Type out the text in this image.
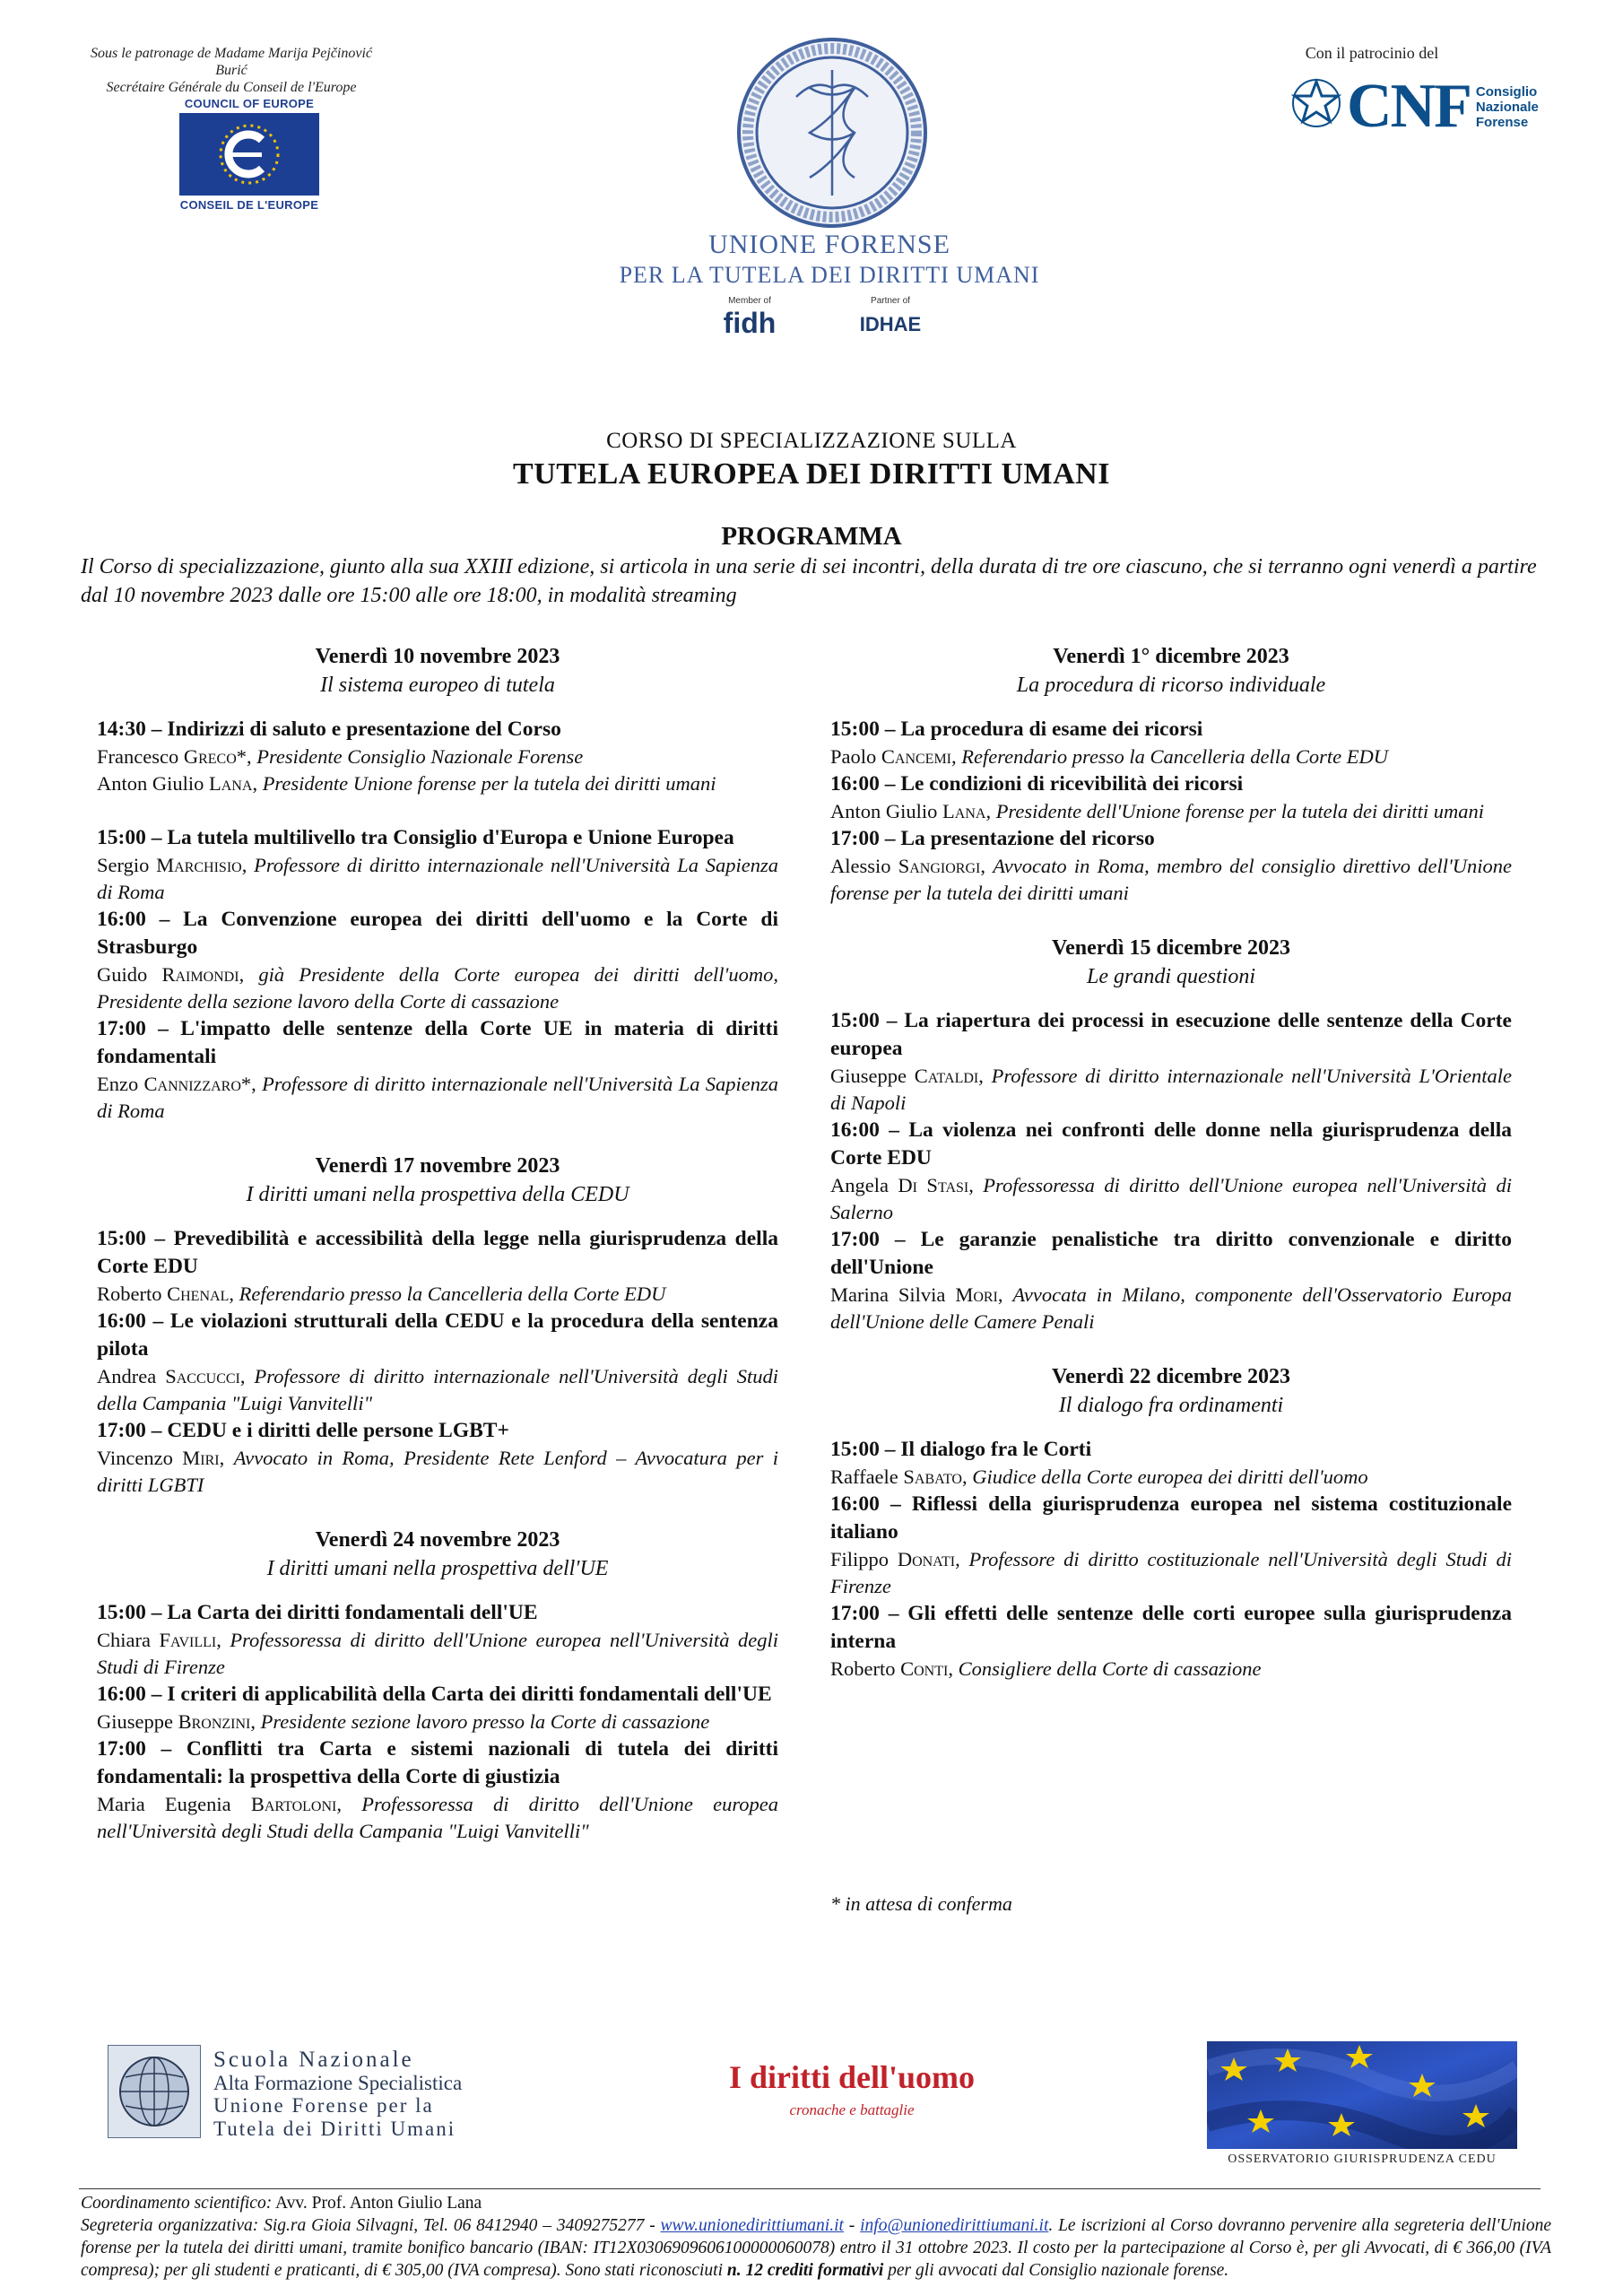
Sous le patronage de Madame Marija Pejčinović Burić
Secrétaire Générale du Conseil de l'Europe
COUNCIL OF EUROPE
CONSEIL DE L'EUROPE
UNIONE FORENSE
PER LA TUTELA DEI DIRITTI UMANI
Member of
fidh
Partner of
IDHAE
Con il patrocinio del
CNF Consiglio
Nazionale
Forense
CORSO DI SPECIALIZZAZIONE SULLA
TUTELA EUROPEA DEI DIRITTI UMANI
PROGRAMMA
Il Corso di specializzazione, giunto alla sua XXIII edizione, si articola in una serie di sei incontri, della durata di tre ore ciascuno, che si terranno ogni venerdì a partire dal 10 novembre 2023 dalle ore 15:00 alle ore 18:00, in modalità streaming
Venerdì 10 novembre 2023
Il sistema europeo di tutela
14:30 – Indirizzi di saluto e presentazione del Corso
Francesco Greco*, Presidente Consiglio Nazionale Forense
Anton Giulio Lana, Presidente Unione forense per la tutela dei diritti umani
15:00 – La tutela multilivello tra Consiglio d'Europa e Unione Europea
Sergio Marchisio, Professore di diritto internazionale nell'Università La Sapienza di Roma
16:00 – La Convenzione europea dei diritti dell'uomo e la Corte di Strasburgo
Guido Raimondi, già Presidente della Corte europea dei diritti dell'uomo, Presidente della sezione lavoro della Corte di cassazione
17:00 – L'impatto delle sentenze della Corte UE in materia di diritti fondamentali
Enzo Cannizzaro*, Professore di diritto internazionale nell'Università La Sapienza di Roma
Venerdì 17 novembre 2023
I diritti umani nella prospettiva della CEDU
15:00 – Prevedibilità e accessibilità della legge nella giurisprudenza della Corte EDU
Roberto Chenal, Referendario presso la Cancelleria della Corte EDU
16:00 – Le violazioni strutturali della CEDU e la procedura della sentenza pilota
Andrea Saccucci, Professore di diritto internazionale nell'Università degli Studi della Campania "Luigi Vanvitelli"
17:00 – CEDU e i diritti delle persone LGBT+
Vincenzo Miri, Avvocato in Roma, Presidente Rete Lenford – Avvocatura per i diritti LGBTI
Venerdì 24 novembre 2023
I diritti umani nella prospettiva dell'UE
15:00 – La Carta dei diritti fondamentali dell'UE
Chiara Favilli, Professoressa di diritto dell'Unione europea nell'Università degli Studi di Firenze
16:00 – I criteri di applicabilità della Carta dei diritti fondamentali dell'UE
Giuseppe Bronzini, Presidente sezione lavoro presso la Corte di cassazione
17:00 – Conflitti tra Carta e sistemi nazionali di tutela dei diritti fondamentali: la prospettiva della Corte di giustizia
Maria Eugenia Bartoloni, Professoressa di diritto dell'Unione europea nell'Università degli Studi della Campania "Luigi Vanvitelli"
Venerdì 1° dicembre 2023
La procedura di ricorso individuale
15:00 – La procedura di esame dei ricorsi
Paolo Cancemi, Referendario presso la Cancelleria della Corte EDU
16:00 – Le condizioni di ricevibilità dei ricorsi
Anton Giulio Lana, Presidente dell'Unione forense per la tutela dei diritti umani
17:00 – La presentazione del ricorso
Alessio Sangiorgi, Avvocato in Roma, membro del consiglio direttivo dell'Unione forense per la tutela dei diritti umani
Venerdì 15 dicembre 2023
Le grandi questioni
15:00 – La riapertura dei processi in esecuzione delle sentenze della Corte europea
Giuseppe Cataldi, Professore di diritto internazionale nell'Università L'Orientale di Napoli
16:00 – La violenza nei confronti delle donne nella giurisprudenza della Corte EDU
Angela Di Stasi, Professoressa di diritto dell'Unione europea nell'Università di Salerno
17:00 – Le garanzie penalistiche tra diritto convenzionale e diritto dell'Unione
Marina Silvia Mori, Avvocata in Milano, componente dell'Osservatorio Europa dell'Unione delle Camere Penali
Venerdì 22 dicembre 2023
Il dialogo fra ordinamenti
15:00 – Il dialogo fra le Corti
Raffaele Sabato, Giudice della Corte europea dei diritti dell'uomo
16:00 – Riflessi della giurisprudenza europea nel sistema costituzionale italiano
Filippo Donati, Professore di diritto costituzionale nell'Università degli Studi di Firenze
17:00 – Gli effetti delle sentenze delle corti europee sulla giurisprudenza interna
Roberto Conti, Consigliere della Corte di cassazione
* in attesa di conferma
Scuola Nazionale
Alta Formazione Specialistica
Unione Forense per la
Tutela dei Diritti Umani
I diritti dell'uomo
cronache e battaglie
OSSERVATORIO GIURISPRUDENZA CEDU
Coordinamento scientifico: Avv. Prof. Anton Giulio Lana
Segreteria organizzativa: Sig.ra Gioia Silvagni, Tel. 06 8412940 – 3409275277 - www.unionedirittiumani.it - info@unionedirittiumani.it. Le iscrizioni al Corso dovranno pervenire alla segreteria dell'Unione forense per la tutela dei diritti umani, tramite bonifico bancario (IBAN: IT12X0306909606100000060078) entro il 31 ottobre 2023. Il costo per la partecipazione al Corso è, per gli Avvocati, di € 366,00 (IVA compresa); per gli studenti e praticanti, di € 305,00 (IVA compresa). Sono stati riconosciuti n. 12 crediti formativi per gli avvocati dal Consiglio nazionale forense.
